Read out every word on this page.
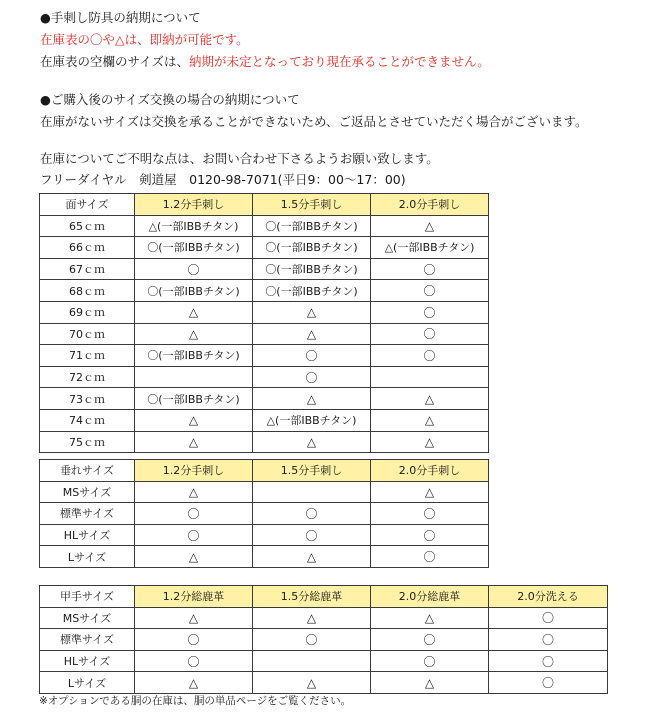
●手刺し防具の納期について
在庫表の〇や△は、即納が可能です。
在庫表の空欄のサイズは、納期が未定となっており現在承ることができません。
●ご購入後のサイズ交換の場合の納期について
在庫がないサイズは交換を承ることができないため、ご返品とさせていただく場合がございます。
在庫についてご不明な点は、お問い合わせ下さるようお願い致します。
フリーダイヤル　剣道屋　0120-98-7071(平日9：00〜17：00)
面サイズ	1.2分手刺し	1.5分手刺し	2.0分手刺し
65ｃｍ	△(一部IBBチタン)	〇(一部IBBチタン)	△
66ｃｍ	〇(一部IBBチタン)	〇(一部IBBチタン)	△(一部IBBチタン)
67ｃｍ	〇	〇(一部IBBチタン)	〇
68ｃｍ	〇(一部IBBチタン)	〇(一部IBBチタン)	〇
69ｃｍ	△	△	〇
70ｃｍ	△	△	〇
71ｃｍ	〇(一部IBBチタン)	〇	〇
72ｃｍ		〇	
73ｃｍ	〇(一部IBBチタン)	△	△
74ｃｍ	△	△(一部IBBチタン)	△
75ｃｍ	△	△	△
垂れサイズ	1.2分手刺し	1.5分手刺し	2.0分手刺し
MSサイズ	△		△
標準サイズ	〇	〇	〇
HLサイズ	〇	〇	〇
Lサイズ	△	△	〇
甲手サイズ	1.2分総鹿革	1.5分総鹿革	2.0分総鹿革	2.0分洗える
MSサイズ	△	△	△	〇
標準サイズ	〇	〇	〇	〇
HLサイズ	〇		〇	〇
Lサイズ	△	△	△	〇
※オプションである胴の在庫は、胴の単品ページをご覧ください。
